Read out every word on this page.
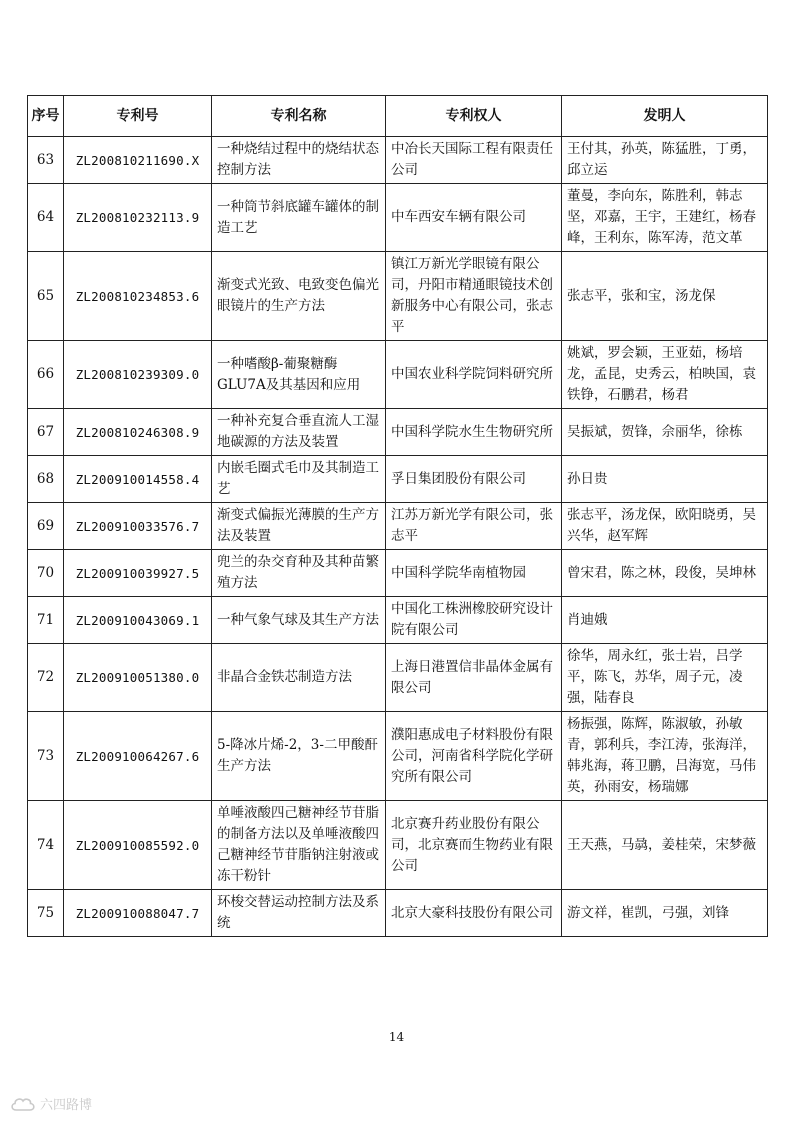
序号	专利号	专利名称	专利权人	发明人
63	ZL200810211690.X	一种烧结过程中的烧结状态控制方法	中冶长天国际工程有限责任公司	王付其，孙英，陈猛胜，丁勇，邱立运
64	ZL200810232113.9	一种筒节斜底罐车罐体的制造工艺	中车西安车辆有限公司	董曼，李向东，陈胜利，韩志坚，邓嘉，王宇，王建红，杨春峰，王利东，陈军涛，范文革
65	ZL200810234853.6	渐变式光致、电致变色偏光眼镜片的生产方法	镇江万新光学眼镜有限公司，丹阳市精通眼镜技术创新服务中心有限公司，张志平	张志平，张和宝，汤龙保
66	ZL200810239309.0	一种嗜酸β-葡聚糖酶GLU7A及其基因和应用	中国农业科学院饲料研究所	姚斌，罗会颖，王亚茹，杨培龙，孟昆，史秀云，柏映国，袁铁铮，石鹏君，杨君
67	ZL200810246308.9	一种补充复合垂直流人工湿地碳源的方法及装置	中国科学院水生生物研究所	吴振斌，贺锋，佘丽华，徐栋
68	ZL200910014558.4	内嵌毛圈式毛巾及其制造工艺	孚日集团股份有限公司	孙日贵
69	ZL200910033576.7	渐变式偏振光薄膜的生产方法及装置	江苏万新光学有限公司，张志平	张志平，汤龙保，欧阳晓勇，吴兴华，赵军辉
70	ZL200910039927.5	兜兰的杂交育种及其种苗繁殖方法	中国科学院华南植物园	曾宋君，陈之林，段俊，吴坤林
71	ZL200910043069.1	一种气象气球及其生产方法	中国化工株洲橡胶研究设计院有限公司	肖迪娥
72	ZL200910051380.0	非晶合金铁芯制造方法	上海日港置信非晶体金属有限公司	徐华，周永红，张士岩，吕学平，陈飞，苏华，周子元，凌强，陆春良
73	ZL200910064267.6	5-降冰片烯-2，3-二甲酸酐生产方法	濮阳惠成电子材料股份有限公司，河南省科学院化学研究所有限公司	杨振强，陈辉，陈淑敏，孙敏青，郭利兵，李江涛，张海洋，韩兆海，蒋卫鹏，吕海宽，马伟英，孙雨安，杨瑞娜
74	ZL200910085592.0	单唾液酸四己糖神经节苷脂的制备方法以及单唾液酸四己糖神经节苷脂钠注射液或冻干粉针	北京赛升药业股份有限公司，北京赛而生物药业有限公司	王天燕，马骉，姜桂荣，宋梦薇
75	ZL200910088047.7	环梭交替运动控制方法及系统	北京大豪科技股份有限公司	游文祥，崔凯，弓强，刘锋
14
六四路博
